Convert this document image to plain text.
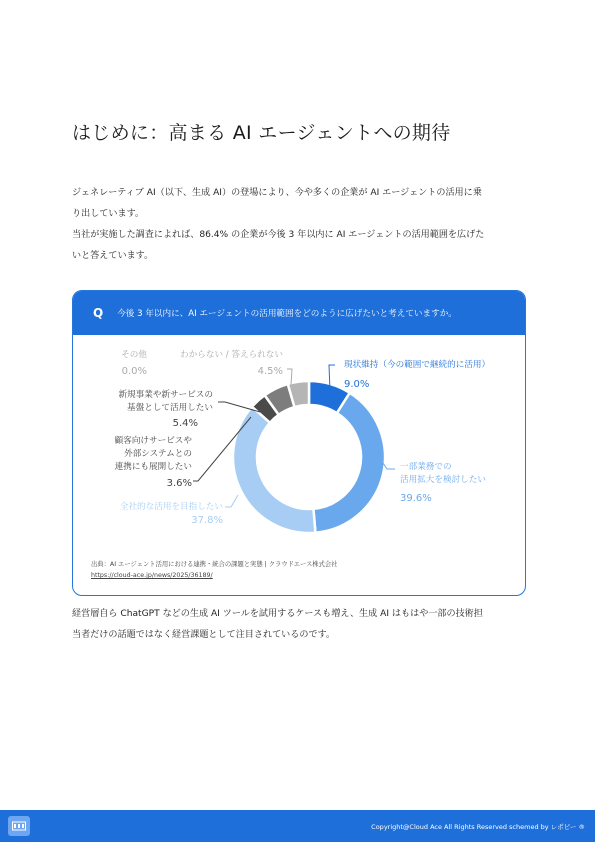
はじめに：高まる AI エージェントへの期待

ジェネレーティブ AI（以下、生成 AI）の登場により、今や多くの企業が AI エージェントの活用に乗

り出しています。

当社が実施した調査によれば、86.4% の企業が今後 3 年以内に AI エージェントの活用範囲を広げた

いと答えています。

Q 今後 3 年以内に、AI エージェントの活用範囲をどのように広げたいと考えていますか。
現状維持（今の範囲で継続的に活用）
9.0%
一部業務での活用拡大を検討したい
39.6%
全社的な活用を目指したい
37.8%
顧客向けサービスや外部システムとの連携にも展開したい
3.6%
新規事業や新サービスの基盤として活用したい
5.4%
わからない / 答えられない
4.5%
その他
0.0%
出典：AI エージェント活用における連携・統合の課題と実態 | クラウドエース株式会社
https://cloud-ace.jp/news/2025/36189/

経営層自ら ChatGPT などの生成 AI ツールを試用するケースも増え、生成 AI はもはや一部の技術担

当者だけの話題ではなく経営課題として注目されているのです。

Copyright@Cloud Ace All Rights Reserved schemed by レポピー ®
